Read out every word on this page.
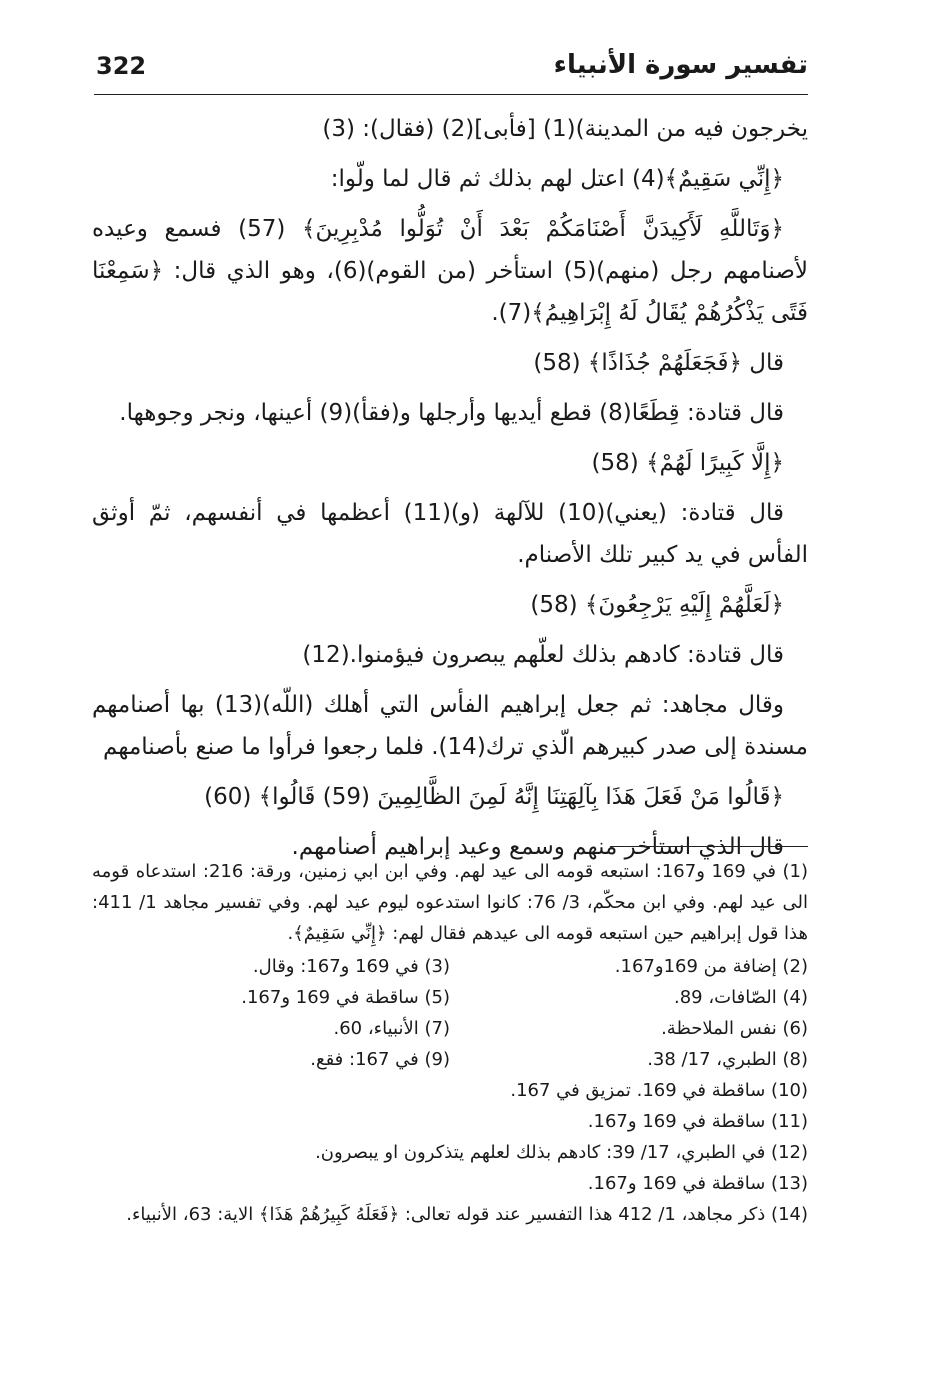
322	تفسير سورة الأنبياء

يخرجون فيه من المدينة)(1) [فأبى](2) (فقال): (3)

﴿إِنِّي سَقِيمٌ﴾(4) اعتل لهم بذلك ثم قال لما ولّوا:

﴿وَتَاللَّهِ لَأَكِيدَنَّ أَصْنَامَكُمْ بَعْدَ أَنْ تُوَلُّوا مُدْبِرِينَ﴾ (57) فسمع وعيده لأصنامهم رجل (منهم)(5) استأخر (من القوم)(6)، وهو الذي قال: ﴿سَمِعْنَا فَتًى يَذْكُرُهُمْ يُقَالُ لَهُ إِبْرَاهِيمُ﴾(7).

قال ﴿فَجَعَلَهُمْ جُذَاذًا﴾ (58)

قال قتادة: قِطَعًا(8) قطع أيديها وأرجلها و(فقأ)(9) أعينها، ونجر وجوهها.

﴿إِلَّا كَبِيرًا لَهُمْ﴾ (58)

قال قتادة: (يعني)(10) للآلهة (و)(11) أعظمها في أنفسهم، ثمّ أوثق الفأس في يد كبير تلك الأصنام.

﴿لَعَلَّهُمْ إِلَيْهِ يَرْجِعُونَ﴾ (58)

قال قتادة: كادهم بذلك لعلّهم يبصرون فيؤمنوا.(12)

وقال مجاهد: ثم جعل إبراهيم الفأس التي أهلك (اللّه)(13) بها أصنامهم مسندة إلى صدر كبيرهم الّذي ترك(14). فلما رجعوا فرأوا ما صنع بأصنامهم

﴿قَالُوا مَنْ فَعَلَ هَذَا بِآلِهَتِنَا إِنَّهُ لَمِنَ الظَّالِمِينَ (59) قَالُوا﴾ (60)

قال الذي استأخر منهم وسمع وعيد إبراهيم أصنامهم.

(1) في 169 و167: استبعه قومه الى عيد لهم. وفي ابن ابي زمنين، ورقة: 216: استدعاه قومه الى عيد لهم. وفي ابن محكّم، 3/ 76: كانوا استدعوه ليوم عيد لهم. وفي تفسير مجاهد 1/ 411: هذا قول إبراهيم حين استبعه قومه الى عيدهم فقال لهم: ﴿إِنِّي سَقِيمٌ﴾.
(2) إضافة من 169و167.
(3) في 169 و167: وقال.
(4) الصّافات، 89.
(5) ساقطة في 169 و167.
(6) نفس الملاحظة.
(7) الأنبياء، 60.
(8) الطبري، 17/ 38.
(9) في 167: فقع.
(10) ساقطة في 169. تمزيق في 167.
(11) ساقطة في 169 و167.
(12) في الطبري، 17/ 39: كادهم بذلك لعلهم يتذكرون او يبصرون.
(13) ساقطة في 169 و167.
(14) ذكر مجاهد، 1/ 412 هذا التفسير عند قوله تعالى: ﴿فَعَلَهُ كَبِيرُهُمْ هَذَا﴾ الاية: 63، الأنبياء.
